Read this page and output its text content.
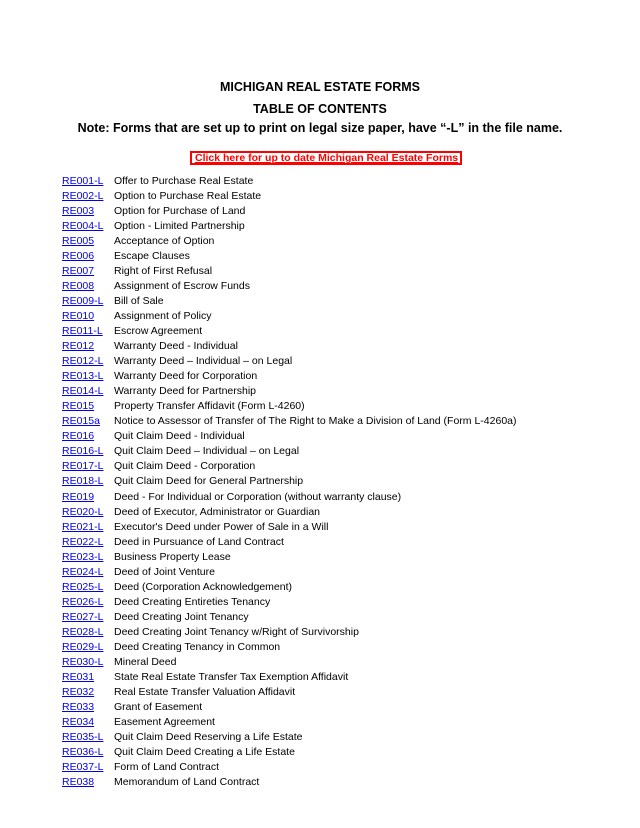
MICHIGAN REAL ESTATE FORMS
TABLE OF CONTENTS
Note: Forms that are set up to print on legal size paper, have “-L” in the file name.
Click here for up to date Michigan Real Estate Forms
RE001-L	Offer to Purchase Real Estate
RE002-L	Option to Purchase Real Estate
RE003	Option for Purchase of Land
RE004-L	Option - Limited Partnership
RE005	Acceptance of Option
RE006	Escape Clauses
RE007	Right of First Refusal
RE008	Assignment of Escrow Funds
RE009-L	Bill of Sale
RE010	Assignment of Policy
RE011-L	Escrow Agreement
RE012	Warranty Deed - Individual
RE012-L	Warranty Deed – Individual – on Legal
RE013-L	Warranty Deed for Corporation
RE014-L	Warranty Deed for Partnership
RE015	Property Transfer Affidavit (Form L-4260)
RE015a	Notice to Assessor of Transfer of The Right to Make a Division of Land (Form L-4260a)
RE016	Quit Claim Deed - Individual
RE016-L	Quit Claim Deed – Individual – on Legal
RE017-L	Quit Claim Deed - Corporation
RE018-L	Quit Claim Deed for General Partnership
RE019	Deed - For Individual or Corporation (without warranty clause)
RE020-L	Deed of Executor, Administrator or Guardian
RE021-L	Executor's Deed under Power of Sale in a Will
RE022-L	Deed in Pursuance of Land Contract
RE023-L	Business Property Lease
RE024-L	Deed of Joint Venture
RE025-L	Deed (Corporation Acknowledgement)
RE026-L	Deed Creating Entireties Tenancy
RE027-L	Deed Creating Joint Tenancy
RE028-L	Deed Creating Joint Tenancy w/Right of Survivorship
RE029-L	Deed Creating Tenancy in Common
RE030-L	Mineral Deed
RE031	State Real Estate Transfer Tax Exemption Affidavit
RE032	Real Estate Transfer Valuation Affidavit
RE033	Grant of Easement
RE034	Easement Agreement
RE035-L	Quit Claim Deed Reserving a Life Estate
RE036-L	Quit Claim Deed Creating a Life Estate
RE037-L	Form of Land Contract
RE038	Memorandum of Land Contract
